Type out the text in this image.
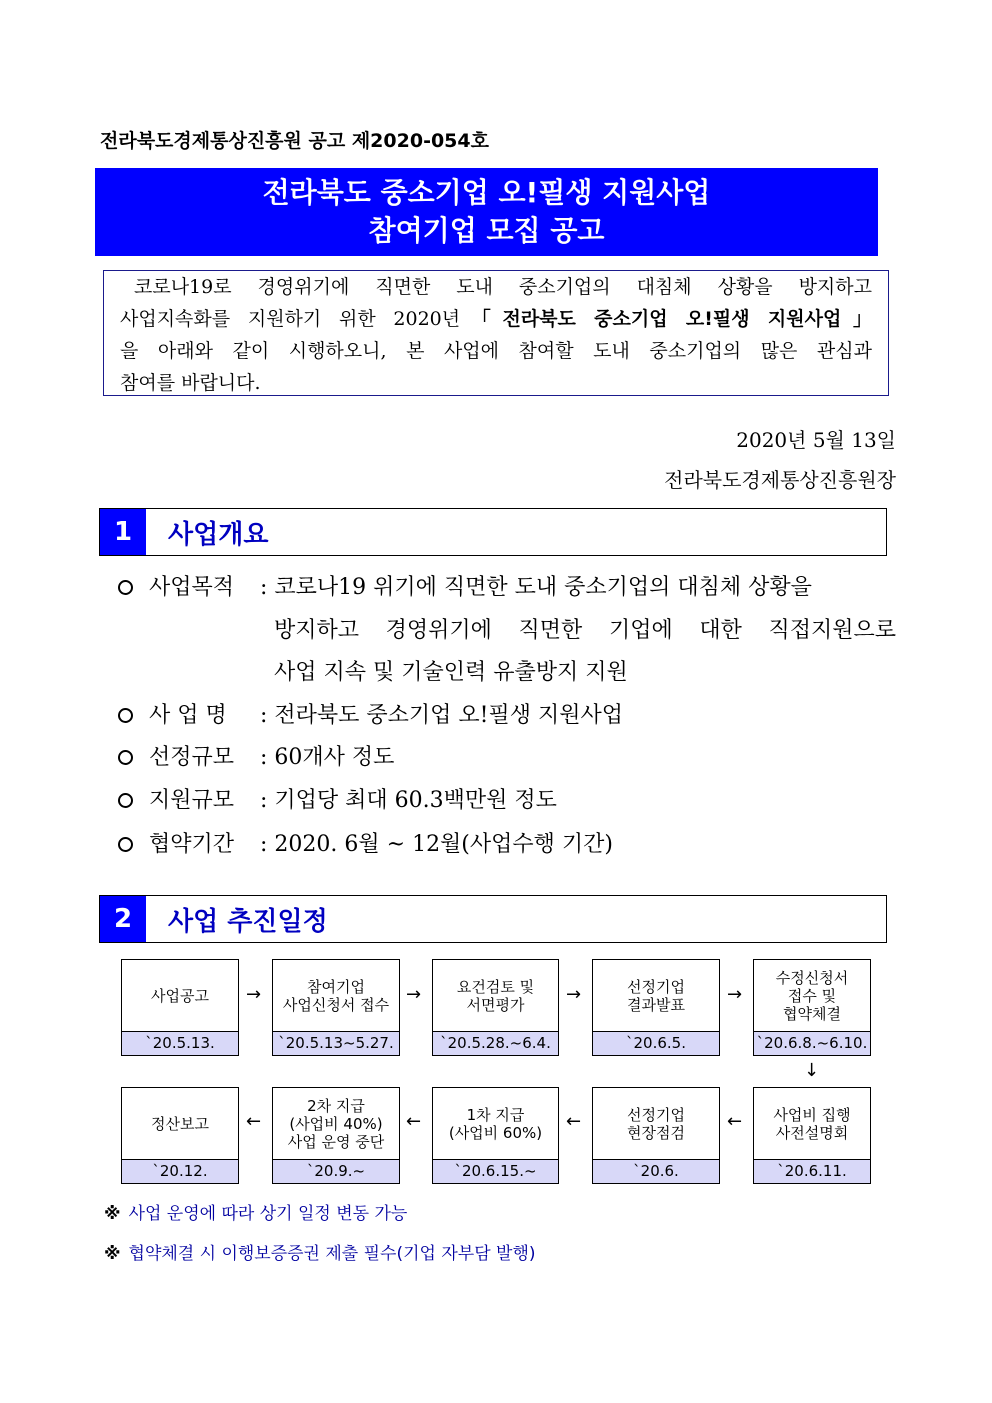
전라북도경제통상진흥원 공고 제2020-054호
전라북도 중소기업 오!필생 지원사업
참여기업 모집 공고
코로나19로 경영위기에 직면한 도내 중소기업의 대침체 상황을 방지하고
사업지속화를 지원하기 위한 2020년「전라북도 중소기업 오!필생 지원사업」
을 아래와 같이 시행하오니, 본 사업에 참여할 도내 중소기업의 많은 관심과
참여를 바랍니다.
2020년 5월 13일
전라북도경제통상진흥원장
1	사업개요
사업목적 : 코로나19 위기에 직면한 도내 중소기업의 대침체 상황을
방지하고 경영위기에 직면한 기업에 대한 직접지원으로
사업 지속 및 기술인력 유출방지 지원
사업명 : 전라북도 중소기업 오!필생 지원사업
선정규모 : 60개사 정도
지원규모 : 기업당 최대 60.3백만원 정도
협약기간 : 2020. 6월 ~ 12월(사업수행 기간)
2	사업 추진일정
사업공고
`20.5.13.
→	참여기업
사업신청서 접수
`20.5.13~5.27.
→ 요건검토 및
서면평가
`20.5.28.~6.4.
→	선정기업
결과발표
`20.6.5.
→
수정신청서
접수 및
협약체결
`20.6.8.~6.10.
↓
정산보고
`20.12.
←
2차 지급
(사업비 40%)
사업 운영 중단
`20.9.~
←	1차 지급
(사업비 60%)
`20.6.15.~
←	선정기업
현장점검
`20.6.
← 사업비 집행
사전설명회
`20.6.11.
※ 사업 운영에 따라 상기 일정 변동 가능
※ 협약체결 시 이행보증증권 제출 필수(기업 자부담 발행)
